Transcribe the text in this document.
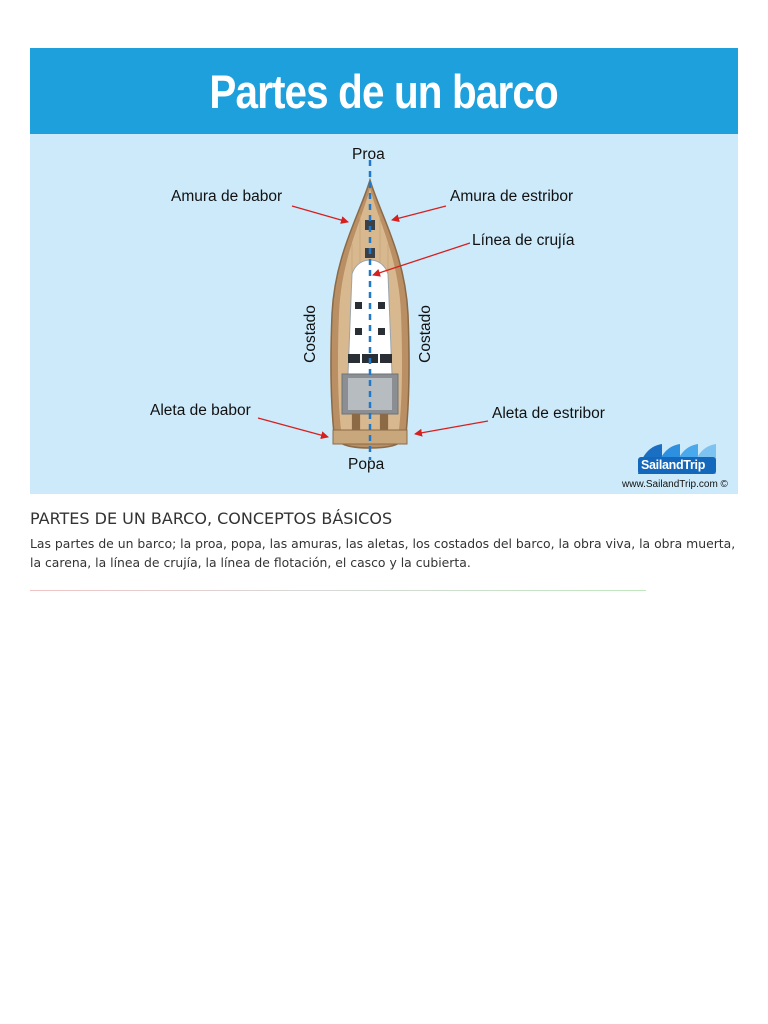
Partes de un barco
Proa
Amura de babor	Amura de estribor
Línea de crujía
Costado	Costado
Aleta de babor	Aleta de estribor
Popa	SailandTrip
www.SailandTrip.com ©
PARTES DE UN BARCO, CONCEPTOS BÁSICOS
Las partes de un barco; la proa, popa, las amuras, las aletas, los costados del barco, la obra viva, la obra muerta, la carena, la línea de crujía, la línea de flotación, el casco y la cubierta.
